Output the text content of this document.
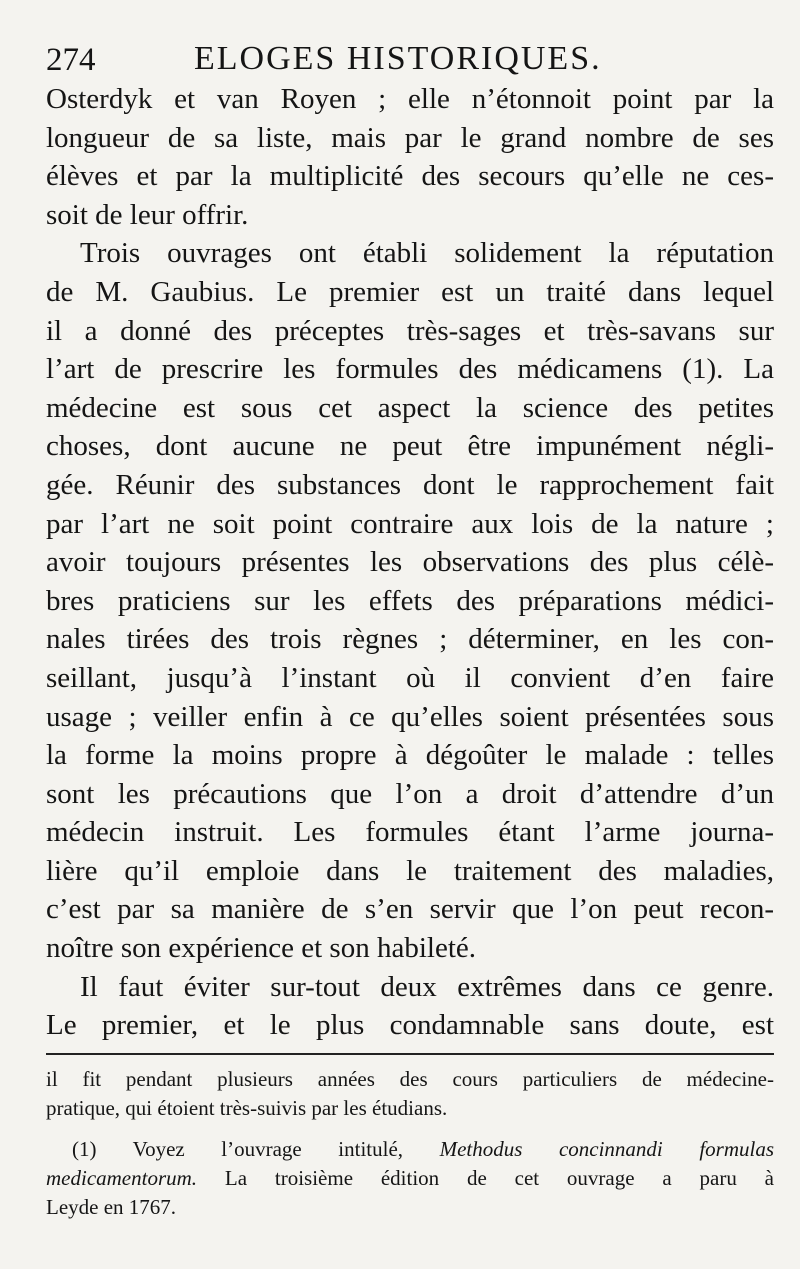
274	ELOGES HISTORIQUES.
Osterdyk et van Royen ; elle n’étonnoit point par la
longueur de sa liste, mais par le grand nombre de ses
élèves et par la multiplicité des secours qu’elle ne ces-
soit de leur offrir.
Trois ouvrages ont établi solidement la réputation
de M. Gaubius. Le premier est un traité dans lequel
il a donné des préceptes très-sages et très-savans sur
l’art de prescrire les formules des médicamens (1). La
médecine est sous cet aspect la science des petites
choses, dont aucune ne peut être impunément négli-
gée. Réunir des substances dont le rapprochement fait
par l’art ne soit point contraire aux lois de la nature ;
avoir toujours présentes les observations des plus célè-
bres praticiens sur les effets des préparations médici-
nales tirées des trois règnes ; déterminer, en les con-
seillant, jusqu’à l’instant où il convient d’en faire
usage ; veiller enfin à ce qu’elles soient présentées sous
la forme la moins propre à dégoûter le malade : telles
sont les précautions que l’on a droit d’attendre d’un
médecin instruit. Les formules étant l’arme journa-
lière qu’il emploie dans le traitement des maladies,
c’est par sa manière de s’en servir que l’on peut recon-
noître son expérience et son habileté.
Il faut éviter sur-tout deux extrêmes dans ce genre.
Le premier, et le plus condamnable sans doute, est
il fit pendant plusieurs années des cours particuliers de médecine-
pratique, qui étoient très-suivis par les étudians.
(1) Voyez l’ouvrage intitulé, Methodus concinnandi formulas
medicamentorum. La troisième édition de cet ouvrage a paru à
Leyde en 1767.
